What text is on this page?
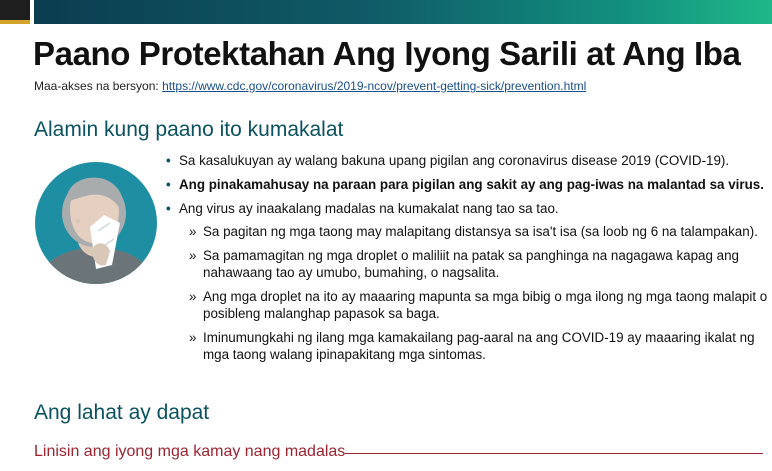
Paano Protektahan Ang Iyong Sarili at Ang Iba
Maa-akses na bersyon: https://www.cdc.gov/coronavirus/2019-ncov/prevent-getting-sick/prevention.html
Alamin kung paano ito kumakalat
• Sa kasalukuyan ay walang bakuna upang pigilan ang coronavirus disease 2019 (COVID-19).
• Ang pinakamahusay na paraan para pigilan ang sakit ay ang pag-iwas na malantad sa virus.
• Ang virus ay inaakalang madalas na kumakalat nang tao sa tao.
» Sa pagitan ng mga taong may malapitang distansya sa isa't isa (sa loob ng 6 na talampakan).
» Sa pamamagitan ng mga droplet o maliliit na patak sa panghinga na nagagawa kapag ang nahawaang tao ay umubo, bumahing, o nagsalita.
» Ang mga droplet na ito ay maaaring mapunta sa mga bibig o mga ilong ng mga taong malapit o posibleng malanghap papasok sa baga.
» Iminumungkahi ng ilang mga kamakailang pag-aaral na ang COVID-19 ay maaaring ikalat ng mga taong walang ipinapakitang mga sintomas.
Ang lahat ay dapat
Linisin ang iyong mga kamay nang madalas
